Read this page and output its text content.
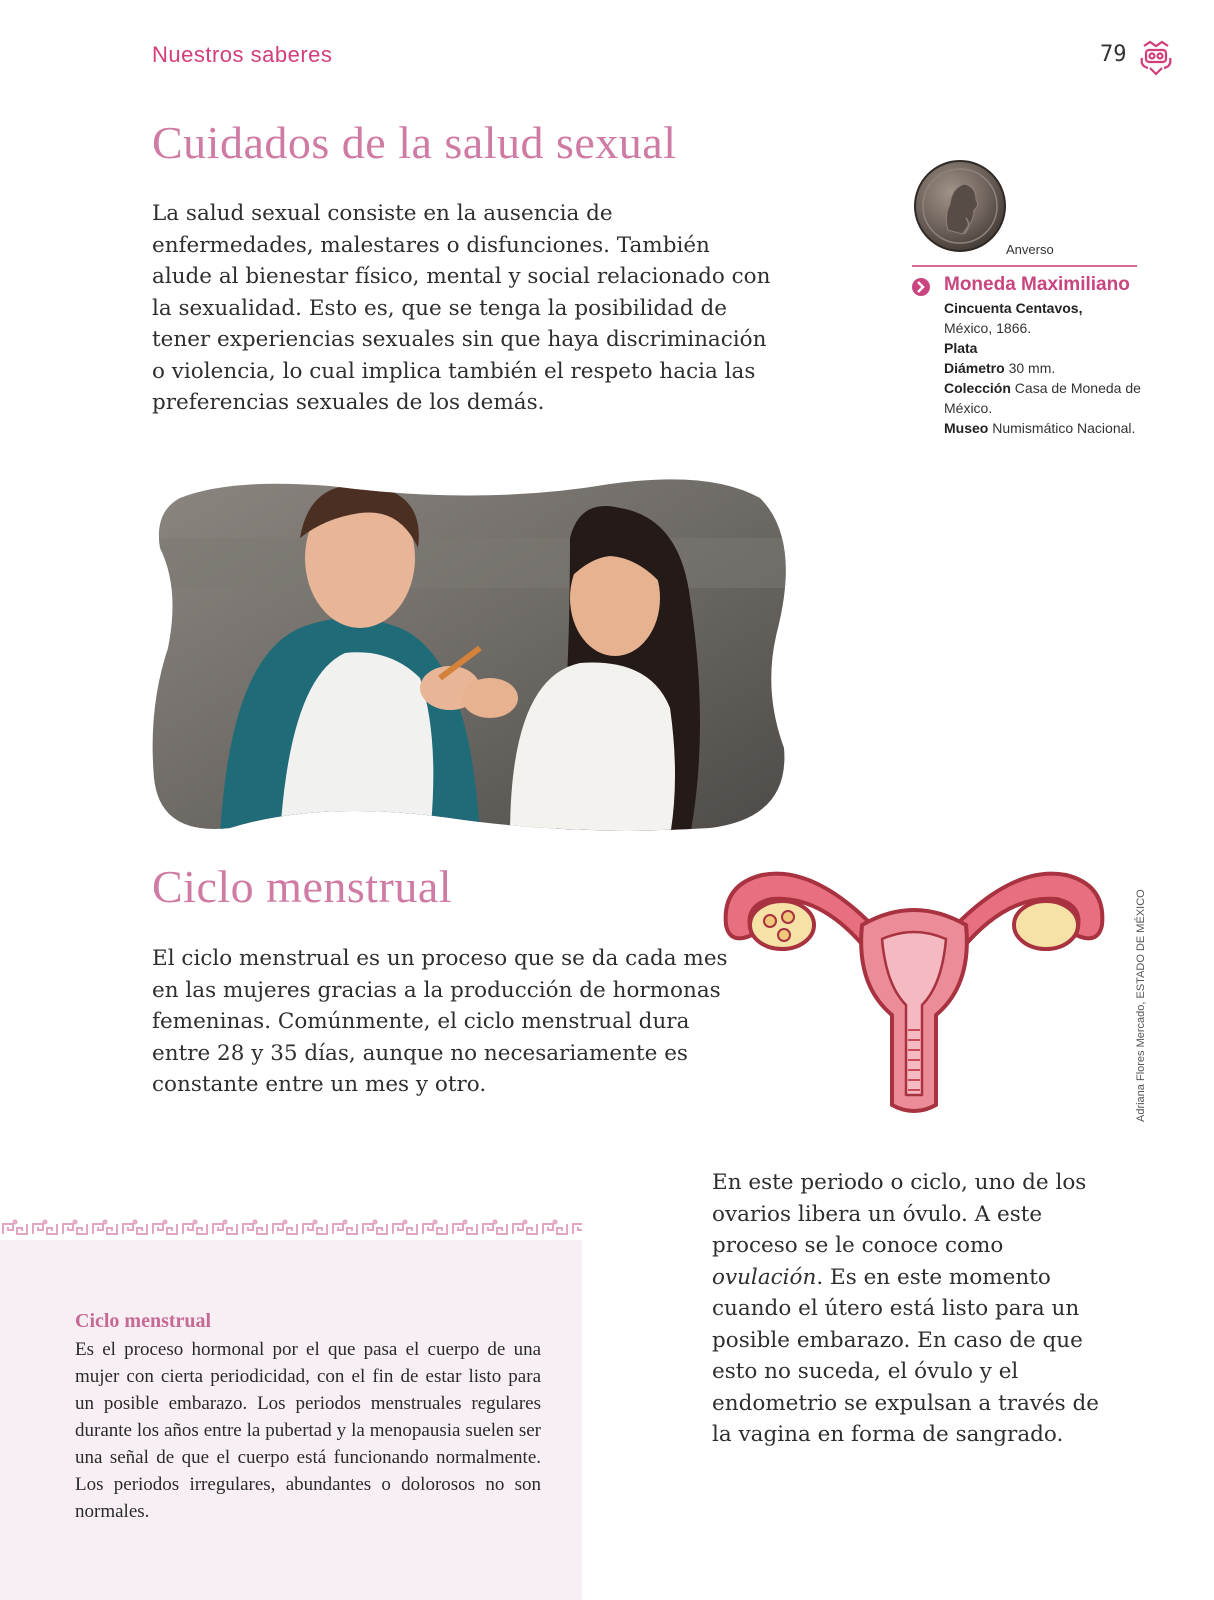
Nuestros saberes	79
Cuidados de la salud sexual

La salud sexual consiste en la ausencia de enfermedades, malestares o disfunciones. También alude al bienestar físico, mental y social relacionado con la sexualidad. Esto es, que se tenga la posibilidad de tener experiencias sexuales sin que haya discriminación o violencia, lo cual implica también el respeto hacia las preferencias sexuales de los demás.

Anverso
Moneda Maximiliano
Cincuenta Centavos,
México, 1866.
Plata
Diámetro 30 mm.
Colección Casa de Moneda de México.
Museo Numismático Nacional.
Ciclo menstrual

El ciclo menstrual es un proceso que se da cada mes en las mujeres gracias a la producción de hormonas femeninas. Comúnmente, el ciclo menstrual dura entre 28 y 35 días, aunque no necesariamente es constante entre un mes y otro.	Adriana Flores Mercado, ESTADO DE MÉXICO

En este periodo o ciclo, uno de los ovarios libera un óvulo. A este proceso se le conoce como ovulación. Es en este momento cuando el útero está listo para un posible embarazo. En caso de que esto no suceda, el óvulo y el endometrio se expulsan a través de la vagina en forma de sangrado.

Ciclo menstrual

Es el proceso hormonal por el que pasa el cuerpo de una mujer con cierta periodicidad, con el fin de estar listo para un posible embarazo. Los periodos menstruales regulares durante los años entre la pubertad y la menopausia suelen ser una señal de que el cuerpo está funcionando normalmente. Los periodos irregulares, abundantes o dolorosos no son normales.
